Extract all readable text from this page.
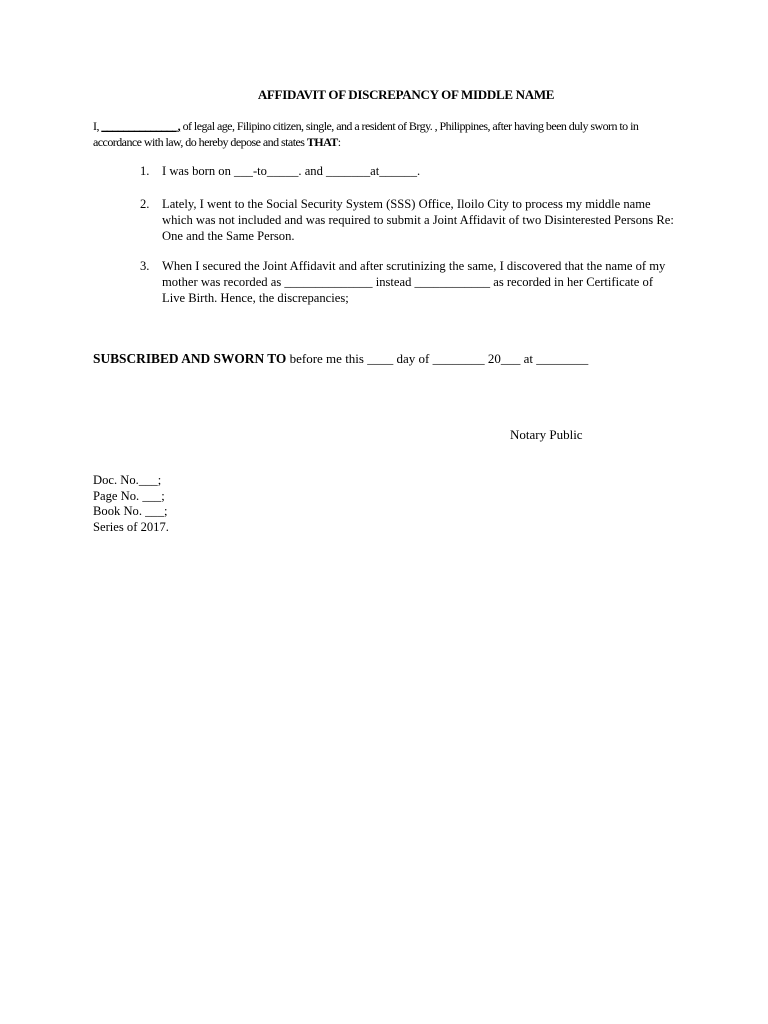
AFFIDAVIT OF DISCREPANCY OF MIDDLE NAME
I, ______________, of legal age, Filipino citizen, single, and a resident of Brgy. , Philippines, after having been duly sworn to in accordance with law, do hereby depose and states THAT:
1. I was born on ___-to_____. and _______at______.
2. Lately, I went to the Social Security System (SSS) Office, Iloilo City to process my middle name which was not included and was required to submit a Joint Affidavit of two Disinterested Persons Re: One and the Same Person.
3. When I secured the Joint Affidavit and after scrutinizing the same, I discovered that the name of my mother was recorded as ______________ instead ____________ as recorded in her Certificate of Live Birth. Hence, the discrepancies;
SUBSCRIBED AND SWORN TO before me this ____ day of ________ 20___ at ________
Notary Public
Doc. No.___;
Page No. ___;
Book No. ___;
Series of 2017.
